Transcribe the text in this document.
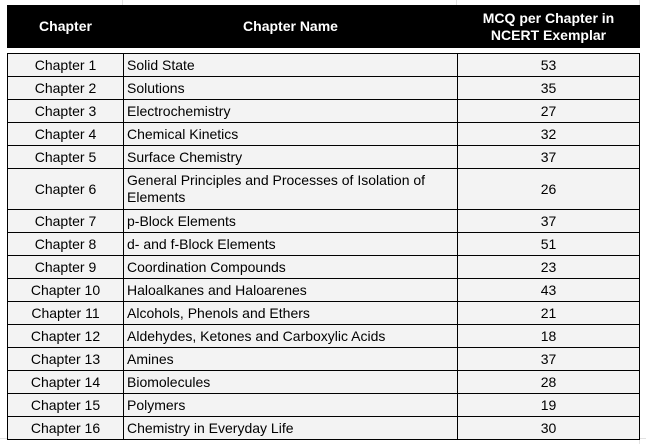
Chapter	Chapter Name	MCQ per Chapter in NCERT Exemplar

Chapter 1	Solid State	53
Chapter 2	Solutions	35
Chapter 3	Electrochemistry	27
Chapter 4	Chemical Kinetics	32
Chapter 5	Surface Chemistry	37
Chapter 6	General Principles and Processes of Isolation of Elements	26
Chapter 7	p-Block Elements	37
Chapter 8	d- and f-Block Elements	51
Chapter 9	Coordination Compounds	23
Chapter 10	Haloalkanes and Haloarenes	43
Chapter 11	Alcohols, Phenols and Ethers	21
Chapter 12	Aldehydes, Ketones and Carboxylic Acids	18
Chapter 13	Amines	37
Chapter 14	Biomolecules	28
Chapter 15	Polymers	19
Chapter 16	Chemistry in Everyday Life	30
